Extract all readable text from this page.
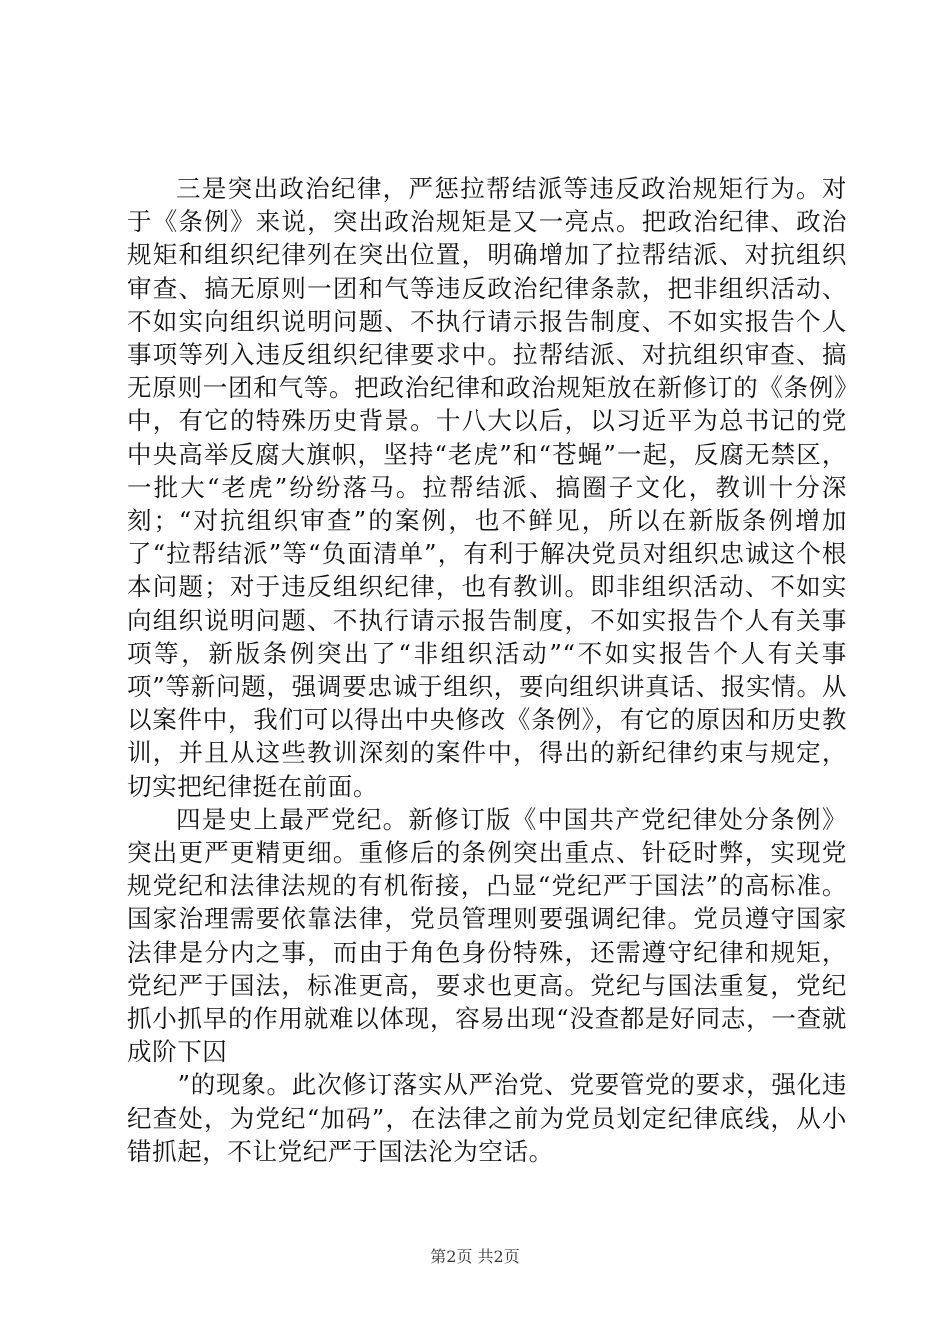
三是突出政治纪律，严惩拉帮结派等违反政治规矩行为。对于《条例》来说，突出政治规矩是又一亮点。把政治纪律、政治规矩和组织纪律列在突出位置，明确增加了拉帮结派、对抗组织审查、搞无原则一团和气等违反政治纪律条款，把非组织活动、不如实向组织说明问题、不执行请示报告制度、不如实报告个人事项等列入违反组织纪律要求中。拉帮结派、对抗组织审查、搞无原则一团和气等。把政治纪律和政治规矩放在新修订的《条例》中，有它的特殊历史背景。十八大以后，以习近平为总书记的党中央高举反腐大旗帜，坚持“老虎”和“苍蝇”一起，反腐无禁区，一批大“老虎”纷纷落马。拉帮结派、搞圈子文化，教训十分深刻；“对抗组织审查”的案例，也不鲜见，所以在新版条例增加了“拉帮结派”等“负面清单”，有利于解决党员对组织忠诚这个根本问题；对于违反组织纪律，也有教训。即非组织活动、不如实向组织说明问题、不执行请示报告制度，不如实报告个人有关事项等，新版条例突出了“非组织活动”“不如实报告个人有关事项”等新问题，强调要忠诚于组织，要向组织讲真话、报实情。从以案件中，我们可以得出中央修改《条例》，有它的原因和历史教训，并且从这些教训深刻的案件中，得出的新纪律约束与规定，切实把纪律挺在前面。

四是史上最严党纪。新修订版《中国共产党纪律处分条例》突出更严更精更细。重修后的条例突出重点、针砭时弊，实现党规党纪和法律法规的有机衔接，凸显“党纪严于国法”的高标准。国家治理需要依靠法律，党员管理则要强调纪律。党员遵守国家法律是分内之事，而由于角色身份特殊，还需遵守纪律和规矩，党纪严于国法，标准更高，要求也更高。党纪与国法重复，党纪抓小抓早的作用就难以体现，容易出现“没查都是好同志，一查就成阶下囚

　　”的现象。此次修订落实从严治党、党要管党的要求，强化违纪查处，为党纪“加码”，在法律之前为党员划定纪律底线，从小错抓起，不让党纪严于国法沦为空话。

第2页 共2页
